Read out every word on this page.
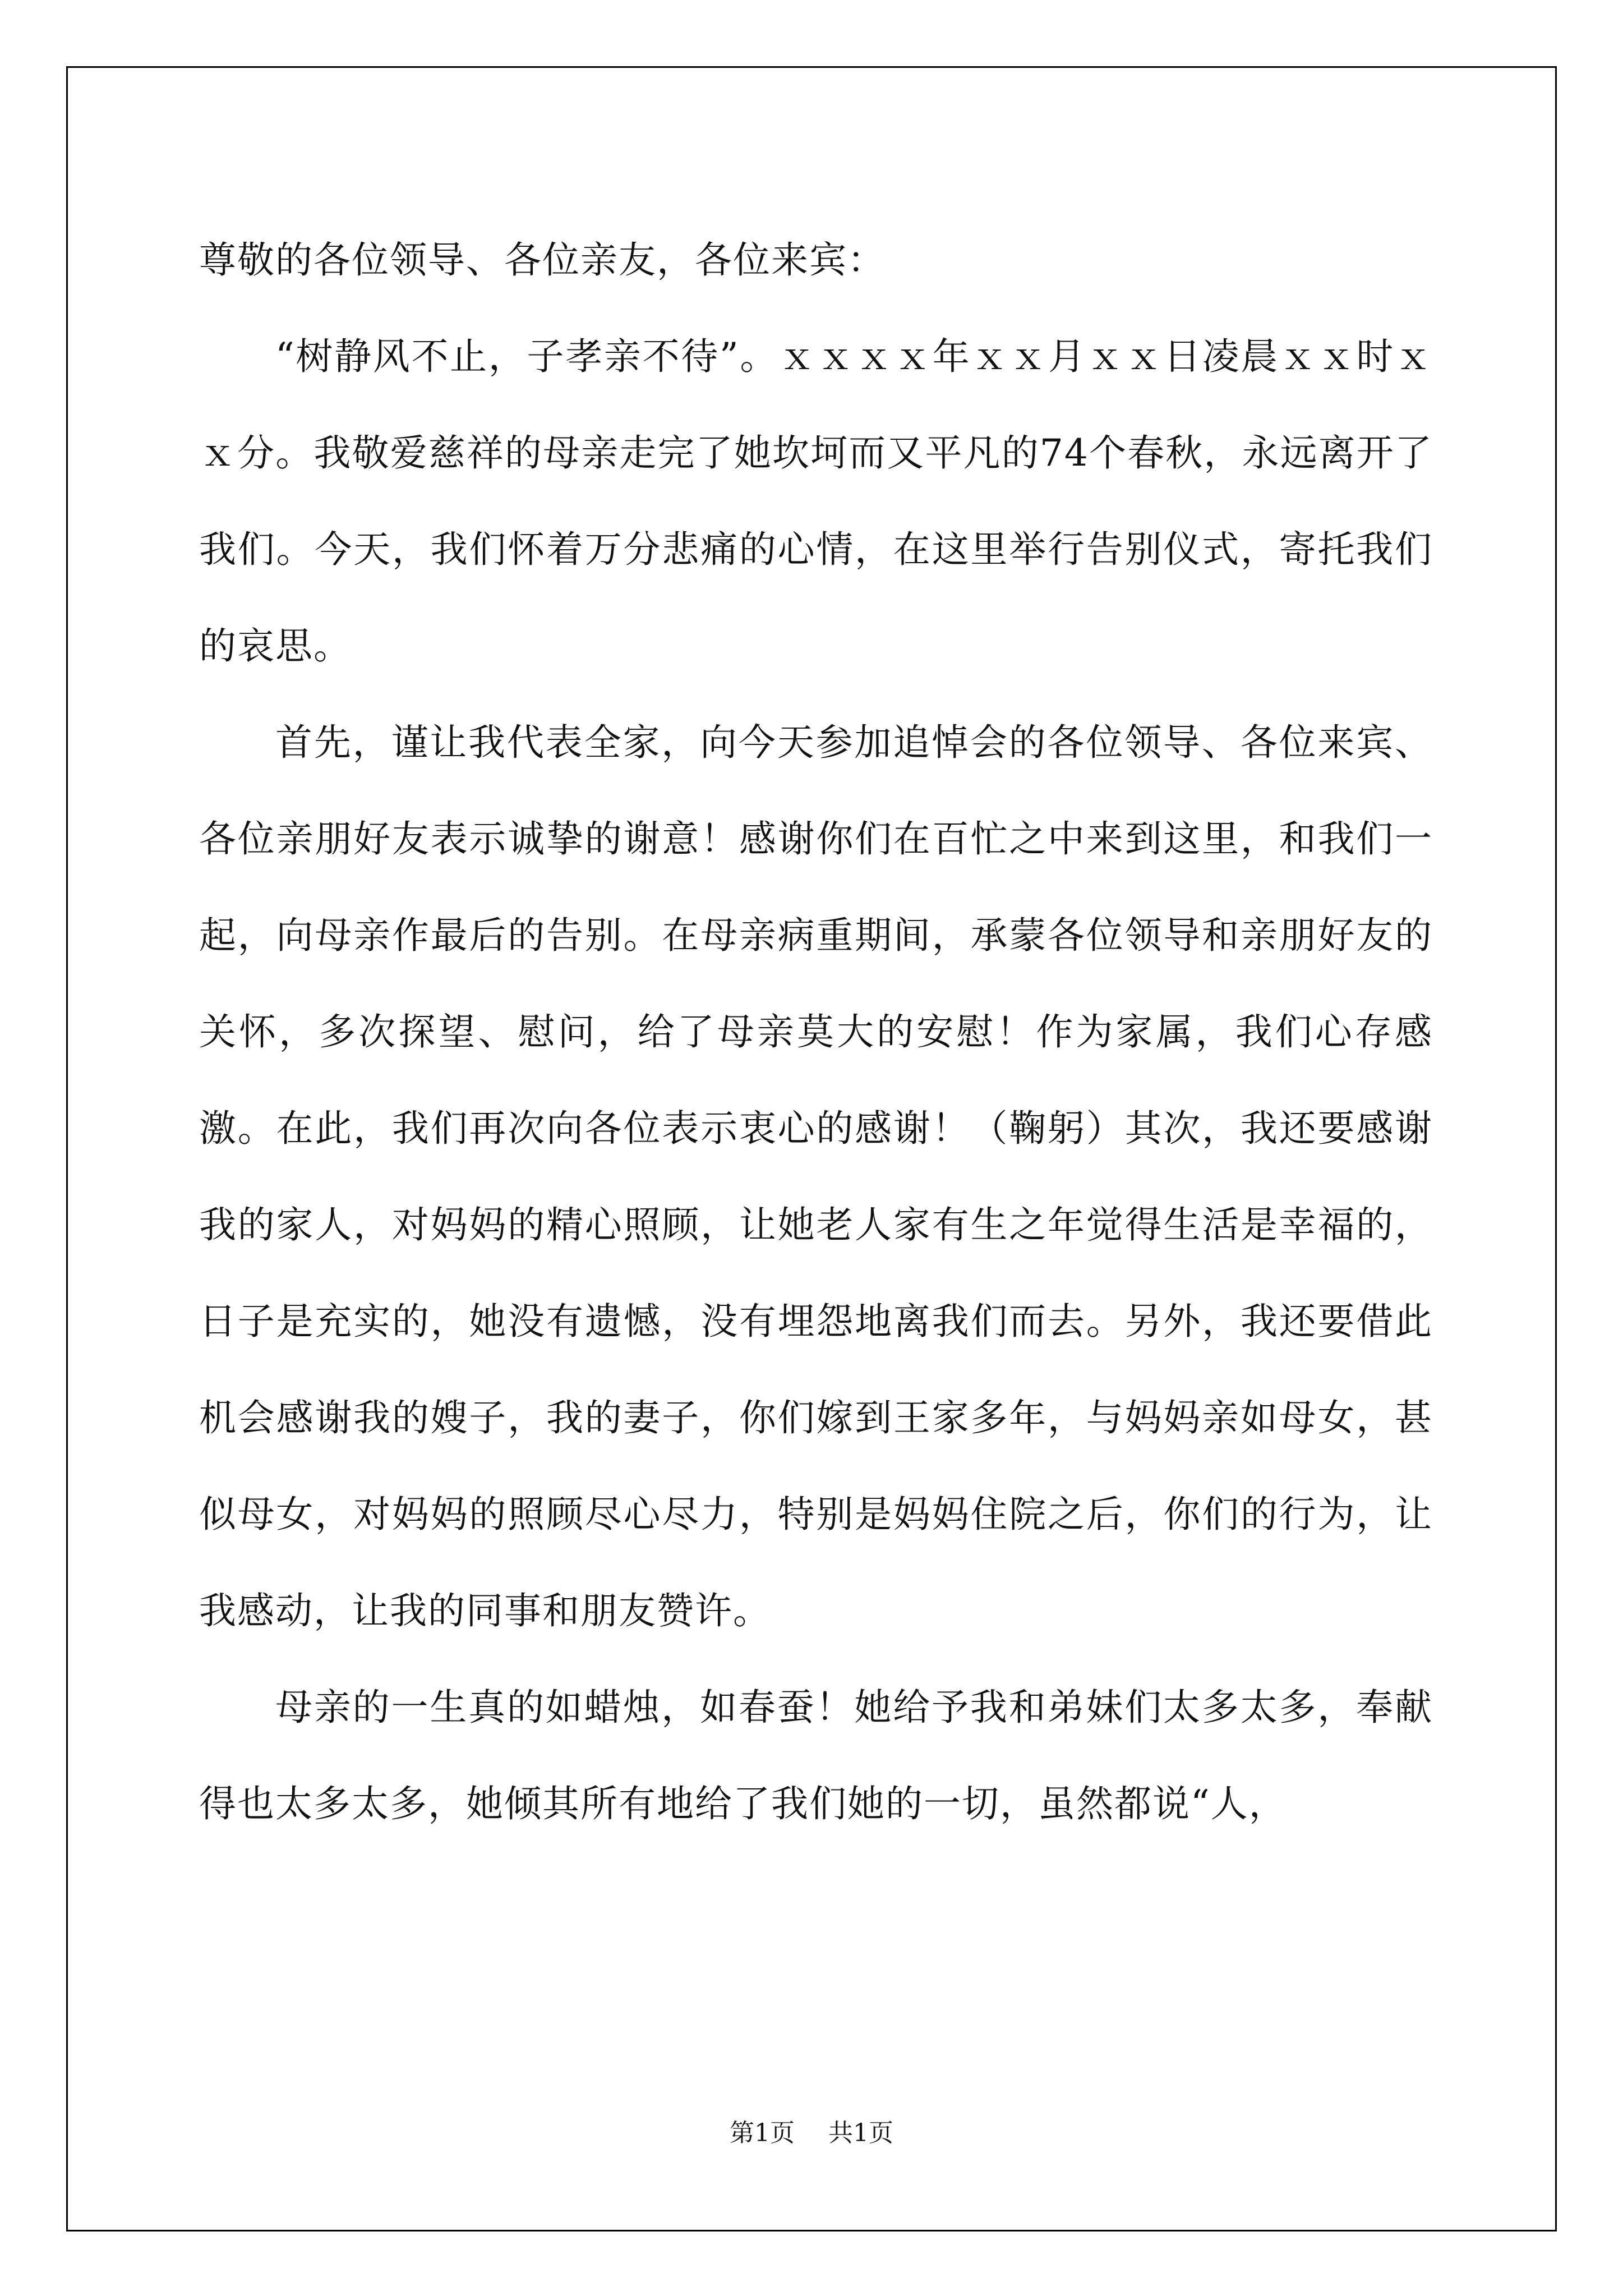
尊敬的各位领导、各位亲友，各位来宾：

“树静风不止，子孝亲不待”。ｘｘｘｘ年ｘｘ月ｘｘ日凌晨ｘｘ时ｘｘ分。我敬爱慈祥的母亲走完了她坎坷而又平凡的74个春秋，永远离开了我们。今天，我们怀着万分悲痛的心情，在这里举行告别仪式，寄托我们的哀思。

首先，谨让我代表全家，向今天参加追悼会的各位领导、各位来宾、各位亲朋好友表示诚挚的谢意！感谢你们在百忙之中来到这里，和我们一起，向母亲作最后的告别。在母亲病重期间，承蒙各位领导和亲朋好友的关怀，多次探望、慰问，给了母亲莫大的安慰！作为家属，我们心存感激。在此，我们再次向各位表示衷心的感谢！（鞠躬）其次，我还要感谢我的家人，对妈妈的精心照顾，让她老人家有生之年觉得生活是幸福的，日子是充实的，她没有遗憾，没有埋怨地离我们而去。另外，我还要借此机会感谢我的嫂子，我的妻子，你们嫁到王家多年，与妈妈亲如母女，甚似母女，对妈妈的照顾尽心尽力，特别是妈妈住院之后，你们的行为，让我感动，让我的同事和朋友赞许。

母亲的一生真的如蜡烛，如春蚕！她给予我和弟妹们太多太多，奉献得也太多太多，她倾其所有地给了我们她的一切，虽然都说“人，

第1页 共1页
